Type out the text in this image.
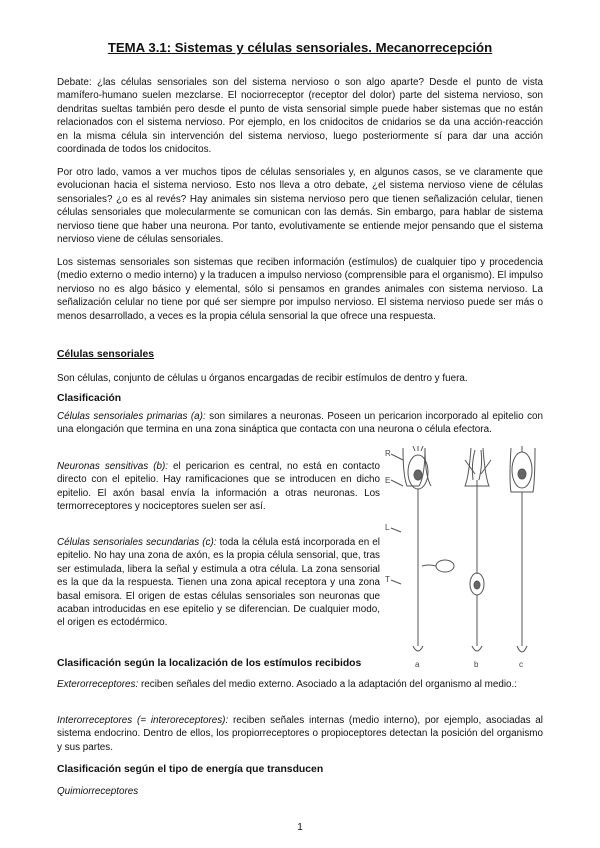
TEMA 3.1: Sistemas y células sensoriales. Mecanorrecepción

Debate: ¿las células sensoriales son del sistema nervioso o son algo aparte? Desde el punto de vista mamífero-humano suelen mezclarse. El nociorreceptor (receptor del dolor) parte del sistema nervioso, son dendritas sueltas también pero desde el punto de vista sensorial simple puede haber sistemas que no están relacionados con el sistema nervioso. Por ejemplo, en los cnidocitos de cnidarios se da una acción-reacción en la misma célula sin intervención del sistema nervioso, luego posteriormente sí para dar una acción coordinada de todos los cnidocitos.

Por otro lado, vamos a ver muchos tipos de células sensoriales y, en algunos casos, se ve claramente que evolucionan hacia el sistema nervioso. Esto nos lleva a otro debate, ¿el sistema nervioso viene de células sensoriales? ¿o es al revés? Hay animales sin sistema nervioso pero que tienen señalización celular, tienen células sensoriales que molecularmente se comunican con las demás. Sin embargo, para hablar de sistema nervioso tiene que haber una neurona. Por tanto, evolutivamente se entiende mejor pensando que el sistema nervioso viene de células sensoriales.

Los sistemas sensoriales son sistemas que reciben información (estímulos) de cualquier tipo y procedencia (medio externo o medio interno) y la traducen a impulso nervioso (comprensible para el organismo). El impulso nervioso no es algo básico y elemental, sólo si pensamos en grandes animales con sistema nervioso. La señalización celular no tiene por qué ser siempre por impulso nervioso. El sistema nervioso puede ser más o menos desarrollado, a veces es la propia célula sensorial la que ofrece una respuesta.

Células sensoriales

Son células, conjunto de células u órganos encargadas de recibir estímulos de dentro y fuera.

Clasificación

Células sensoriales primarias (a): son similares a neuronas. Poseen un pericarion incorporado al epitelio con una elongación que termina en una zona sináptica que contacta con una neurona o célula efectora.

Neuronas sensitivas (b): el pericarion es central, no está en contacto directo con el epitelio. Hay ramificaciones que se introducen en dicho epitelio. El axón basal envía la información a otras neuronas. Los termorreceptores y nociceptores suelen ser así.

Células sensoriales secundarias (c): toda la célula está incorporada en el epitelio. No hay una zona de axón, es la propia célula sensorial, que, tras ser estimulada, libera la señal y estimula a otra célula. La zona sensorial es la que da la respuesta. Tienen una zona apical receptora y una zona basal emisora. El origen de estas células sensoriales son neuronas que acaban introducidas en ese epitelio y se diferencian. De cualquier modo, el origen es ectodérmico.

R
E
L
T
a	b	c

Clasificación según la localización de los estímulos recibidos

Exterorreceptores: reciben señales del medio externo. Asociado a la adaptación del organismo al medio.:

Interorreceptores (= interoreceptores): reciben señales internas (medio interno), por ejemplo, asociadas al sistema endocrino. Dentro de ellos, los propiorreceptores o propioceptores detectan la posición del organismo y sus partes.

Clasificación según el tipo de energía que transducen

Quimiorreceptores

1
